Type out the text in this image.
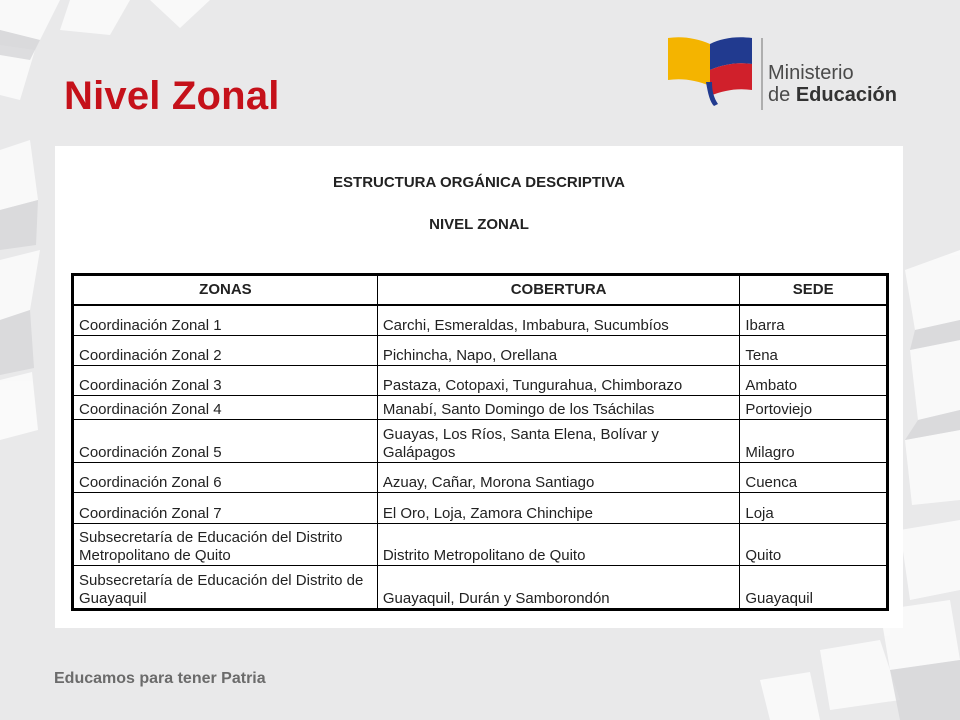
Nivel Zonal
Ministerio
de Educación
ESTRUCTURA ORGÁNICA DESCRIPTIVA
NIVEL ZONAL
ZONAS	COBERTURA	SEDE
Coordinación Zonal 1	Carchi, Esmeraldas, Imbabura, Sucumbíos	Ibarra
Coordinación Zonal 2	Pichincha, Napo, Orellana	Tena
Coordinación Zonal 3	Pastaza, Cotopaxi, Tungurahua, Chimborazo	Ambato
Coordinación Zonal 4	Manabí, Santo Domingo de los Tsáchilas	Portoviejo
Coordinación Zonal 5	Guayas, Los Ríos, Santa Elena, Bolívar y Galápagos	Milagro
Coordinación Zonal 6	Azuay, Cañar, Morona Santiago	Cuenca
Coordinación Zonal 7	El Oro, Loja, Zamora Chinchipe	Loja
Subsecretaría de Educación del Distrito Metropolitano de Quito	Distrito Metropolitano de Quito	Quito
Subsecretaría de Educación del Distrito de Guayaquil	Guayaquil, Durán y Samborondón	Guayaquil
Educamos para tener Patria
